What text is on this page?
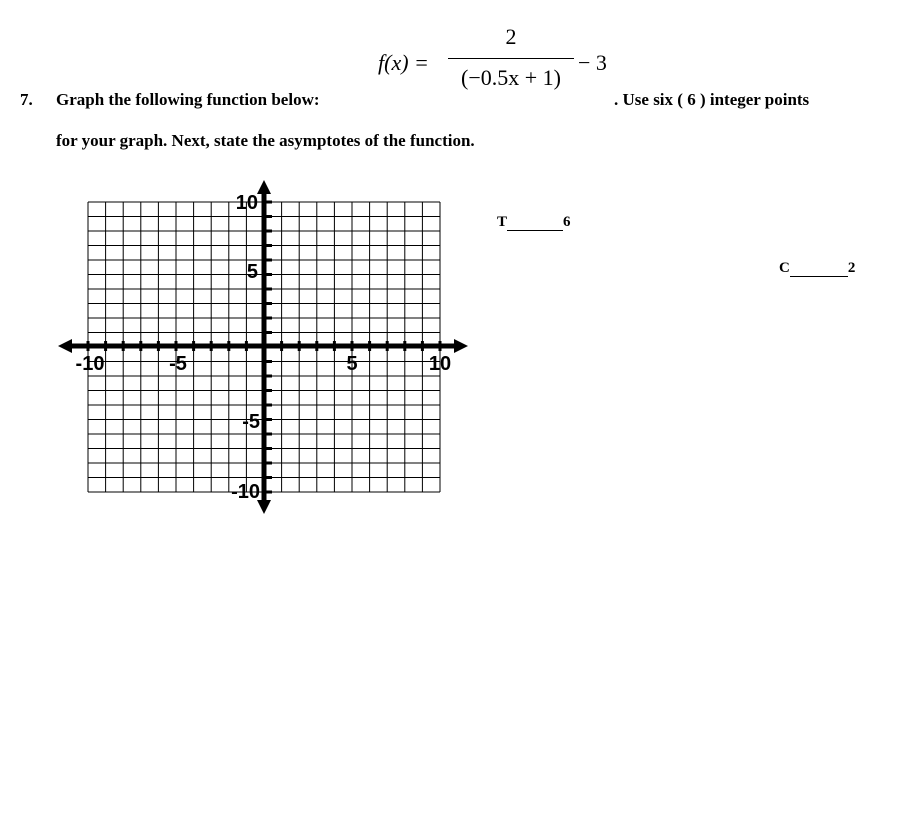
f(x) =
2
(−0.5x + 1)
− 3
7. Graph the following function below:	. Use six ( 6 ) integer points
for your graph. Next, state the asymptotes of the function.
T	6
C	2
-10	-5	5	10
10
5
-5
-10
